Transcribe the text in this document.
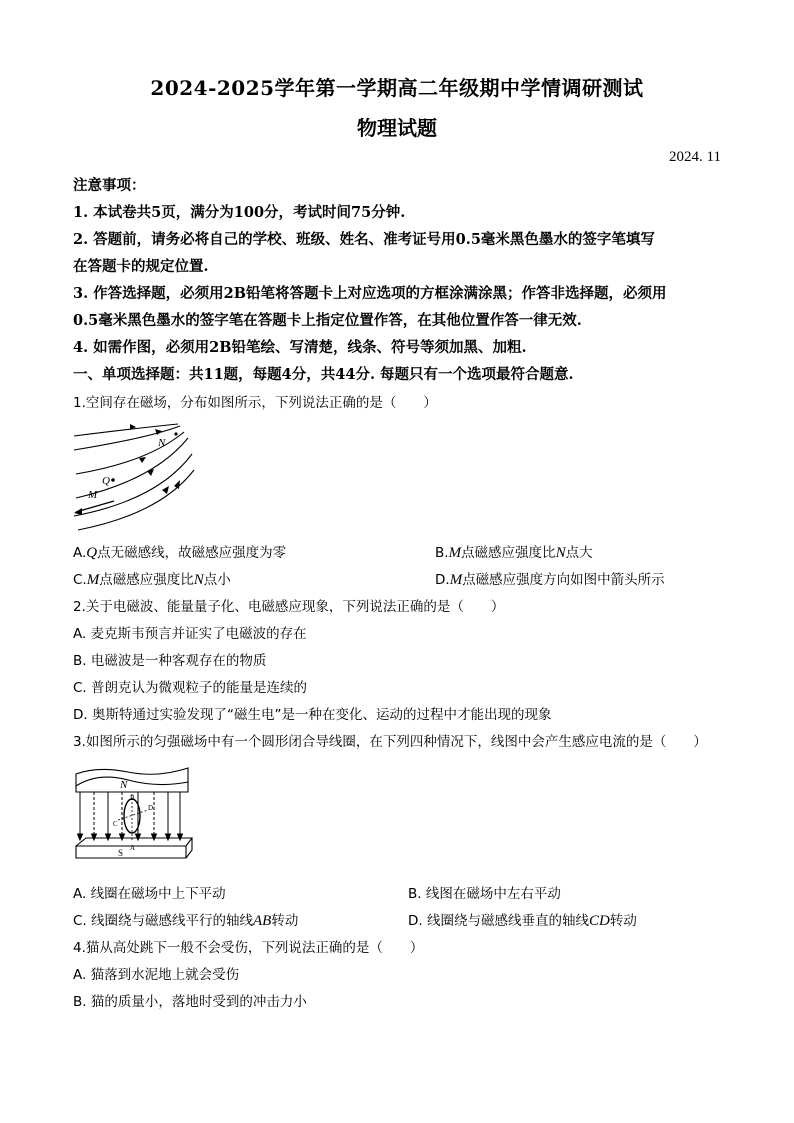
2024-2025学年第一学期高二年级期中学情调研测试
物理试题
2024. 11
注意事项：
1. 本试卷共5页，满分为100分，考试时间75分钟.
2. 答题前，请务必将自己的学校、班级、姓名、准考证号用0.5毫米黑色墨水的签字笔填写
在答题卡的规定位置.
3. 作答选择题，必须用2B铅笔将答题卡上对应选项的方框涂满涂黑；作答非选择题，必须用
0.5毫米黑色墨水的签字笔在答题卡上指定位置作答，在其他位置作答一律无效.
4. 如需作图，必须用2B铅笔绘、写清楚，线条、符号等须加黑、加粗.
一、单项选择题：共11题，每题4分，共44分. 每题只有一个选项最符合题意.
1.空间存在磁场，分布如图所示，下列说法正确的是（　　）
Q
N
M
A.Q点无磁感线，故磁感应强度为零	B.M点磁感应强度比N点大
C.M点磁感应强度比N点小	D.M点磁感应强度方向如图中箭头所示
2.关于电磁波、能量量子化、电磁感应现象，下列说法正确的是（　　）
A. 麦克斯韦预言并证实了电磁波的存在
B. 电磁波是一种客观存在的物质
C. 普朗克认为微观粒子的能量是连续的
D. 奥斯特通过实验发现了“磁生电”是一种在变化、运动的过程中才能出现的现象
3.如图所示的匀强磁场中有一个圆形闭合导线圈，在下列四种情况下，线图中会产生感应电流的是（　　）
N
S A
B
C
D
A. 线圈在磁场中上下平动	B. 线图在磁场中左右平动
C. 线圈绕与磁感线平行的轴线AB转动	D. 线圈绕与磁感线垂直的轴线CD转动
4.猫从高处跳下一般不会受伤，下列说法正确的是（　　）
A. 猫落到水泥地上就会受伤
B. 猫的质量小，落地时受到的冲击力小
